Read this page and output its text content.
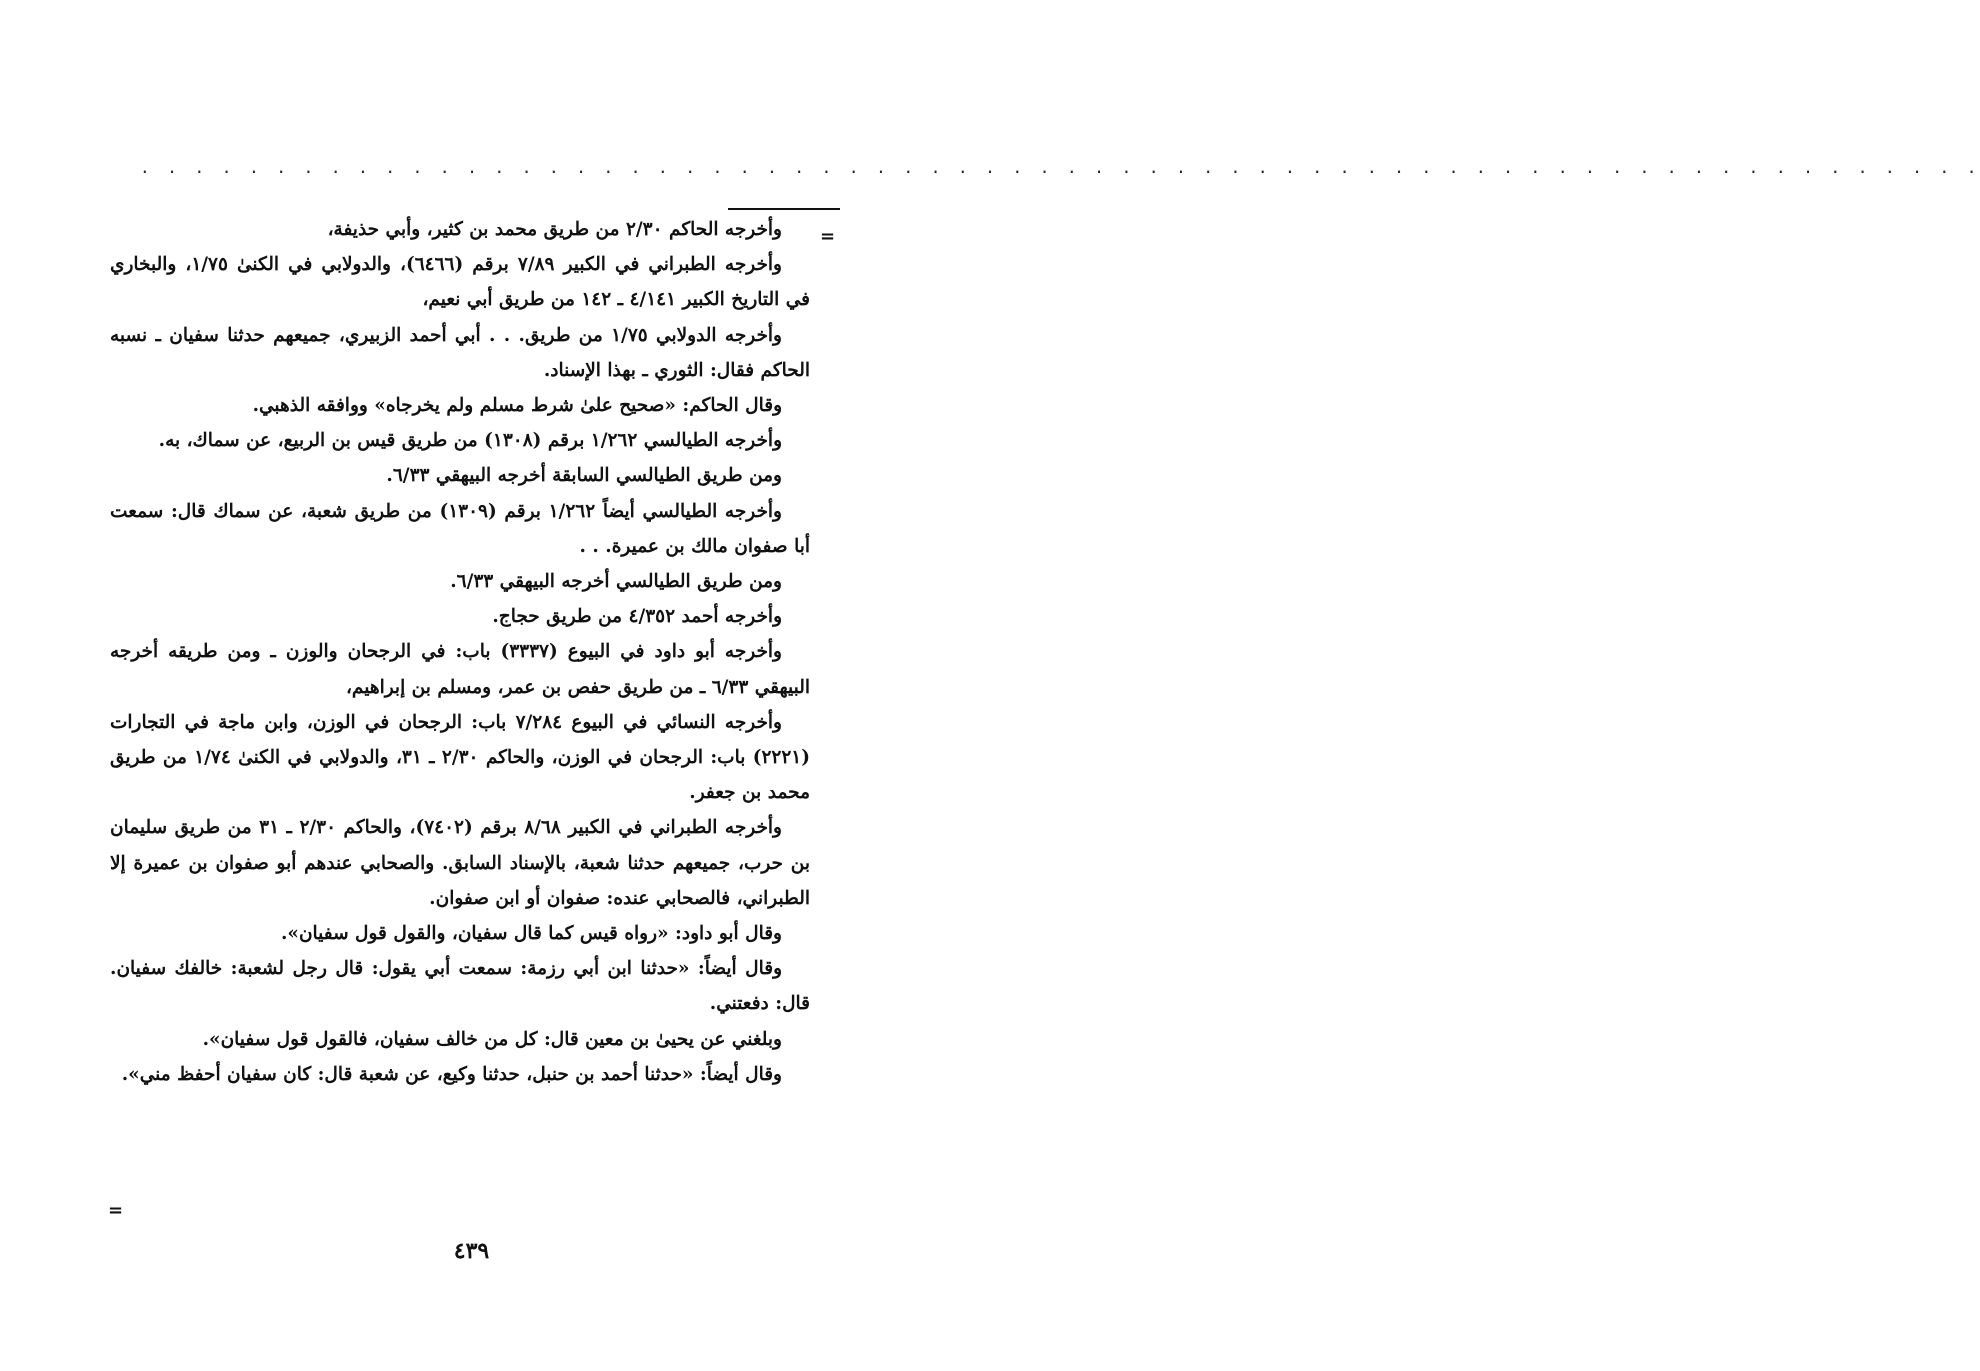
. . . . . . . . . . . . . . . . . . . . . . . . . . . . . . . . . . . . . . . . . . . . . . . . . . . . . . . . . . . . . . . . . . . .
=

وأخرجه الحاكم ٢/٣٠ من طريق محمد بن كثير، وأبي حذيفة،

وأخرجه الطبراني في الكبير ٧/٨٩ برقم (٦٤٦٦)، والدولابي في الكنىٰ ١/٧٥، والبخاري في التاريخ الكبير ٤/١٤١ ـ ١٤٢ من طريق أبي نعيم،

وأخرجه الدولابي ١/٧٥ من طريق. . . أبي أحمد الزبيري، جميعهم حدثنا سفيان ـ نسبه الحاكم فقال: الثوري ـ بهذا الإسناد.

وقال الحاكم: «صحيح علىٰ شرط مسلم ولم يخرجاه» ووافقه الذهبي.

وأخرجه الطيالسي ١/٢٦٢ برقم (١٣٠٨) من طريق قيس بن الربيع، عن سماك، به.

ومن طريق الطيالسي السابقة أخرجه البيهقي ٦/٣٣.

وأخرجه الطيالسي أيضاً ١/٢٦٢ برقم (١٣٠٩) من طريق شعبة، عن سماك قال: سمعت أبا صفوان مالك بن عميرة. . .

ومن طريق الطيالسي أخرجه البيهقي ٦/٣٣.

وأخرجه أحمد ٤/٣٥٢ من طريق حجاج.

وأخرجه أبو داود في البيوع (٣٣٣٧) باب: في الرجحان والوزن ـ ومن طريقه أخرجه البيهقي ٦/٣٣ ـ من طريق حفص بن عمر، ومسلم بن إبراهيم،

وأخرجه النسائي في البيوع ٧/٢٨٤ باب: الرجحان في الوزن، وابن ماجة في التجارات (٢٢٢١) باب: الرجحان في الوزن، والحاكم ٢/٣٠ ـ ٣١، والدولابي في الكنىٰ ١/٧٤ من طريق محمد بن جعفر.

وأخرجه الطبراني في الكبير ٨/٦٨ برقم (٧٤٠٢)، والحاكم ٢/٣٠ ـ ٣١ من طريق سليمان بن حرب، جميعهم حدثنا شعبة، بالإسناد السابق. والصحابي عندهم أبو صفوان بن عميرة إلا الطبراني، فالصحابي عنده: صفوان أو ابن صفوان.

وقال أبو داود: «رواه قيس كما قال سفيان، والقول قول سفيان».

وقال أيضاً: «حدثنا ابن أبي رزمة: سمعت أبي يقول: قال رجل لشعبة: خالفك سفيان. قال: دفعتني.

وبلغني عن يحيىٰ بن معين قال: كل من خالف سفيان، فالقول قول سفيان».

وقال أيضاً: «حدثنا أحمد بن حنبل، حدثنا وكيع، عن شعبة قال: كان سفيان أحفظ مني».

=
٤٣٩
